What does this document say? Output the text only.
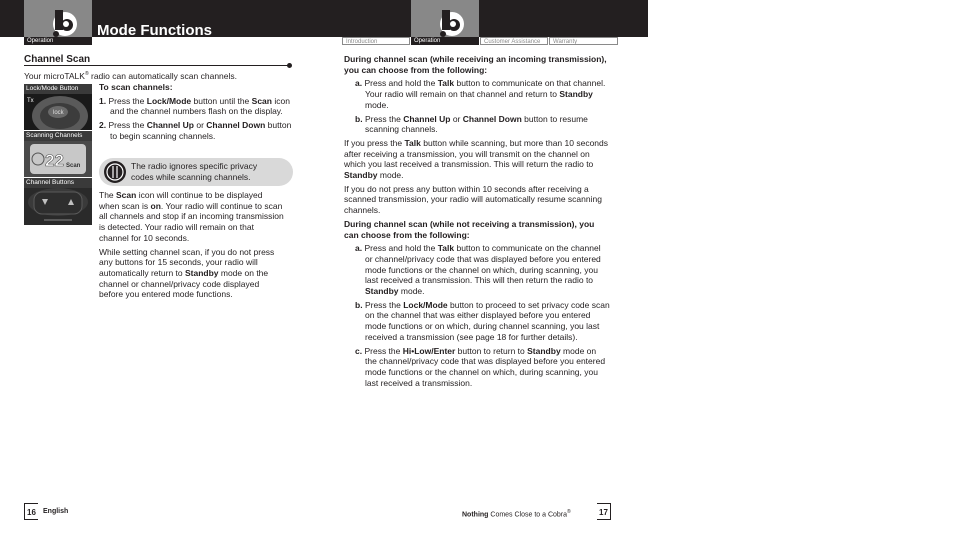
Operation
Mode Functions
Introduction	Operation	Customer Assistance	Warranty
Channel Scan
Your microTALK® radio can automatically scan channels.
Lock/Mode Button
lock
Tx
Scanning Channels
22 Scan
Channel Buttons

To scan channels:

1. Press the Lock/Mode button until the Scan icon and the channel numbers flash on the display.

2. Press the Channel Up or Channel Down button to begin scanning channels.

The radio ignores specific privacy codes while scanning channels.

The Scan icon will continue to be displayed when scan is on. Your radio will continue to scan all channels and stop if an incoming transmission is detected. Your radio will remain on that channel for 10 seconds.

While setting channel scan, if you do not press any buttons for 15 seconds, your radio will automatically return to Standby mode on the channel or channel/privacy code displayed before you entered mode functions.

During channel scan (while receiving an incoming transmission), you can choose from the following:

a. Press and hold the Talk button to communicate on that channel. Your radio will remain on that channel and return to Standby mode.

b. Press the Channel Up or Channel Down button to resume scanning channels.

If you press the Talk button while scanning, but more than 10 seconds after receiving a transmission, you will transmit on the channel on which you last received a transmission. This will return the radio to Standby mode.

If you do not press any button within 10 seconds after receiving a scanned transmission, your radio will automatically resume scanning channels.

During channel scan (while not receiving a transmission), you can choose from the following:

a. Press and hold the Talk button to communicate on the channel or channel/privacy code that was displayed before you entered mode functions or the channel on which, during scanning, you last received a transmission. This will then return the radio to Standby mode.

b. Press the Lock/Mode button to proceed to set privacy code scan on the channel that was either displayed before you entered mode functions or on which, during channel scanning, you last received a transmission (see page 18 for further details).

c. Press the Hi•Low/Enter button to return to Standby mode on the channel/privacy code that was displayed before you entered mode functions or the channel on which, during scanning, you last received a transmission.

16 English	Nothing Comes Close to a Cobra®	17
